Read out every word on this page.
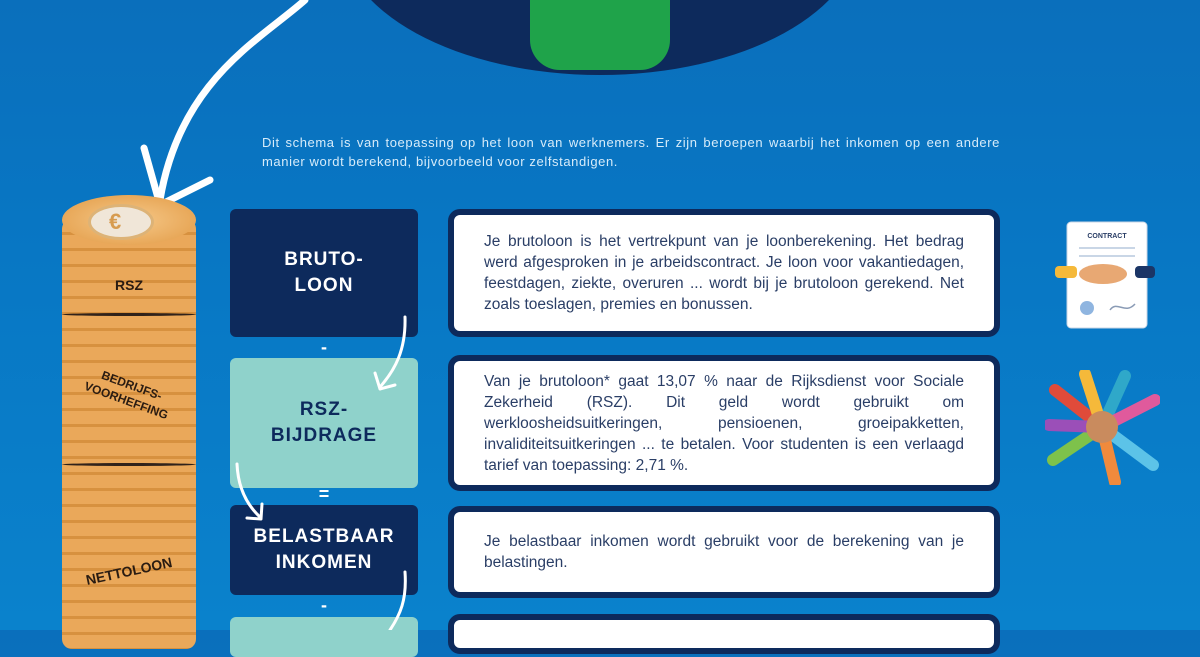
Dit schema is van toepassing op het loon van werknemers. Er zijn beroepen waarbij het inkomen op een andere manier wordt berekend, bijvoorbeeld voor zelfstandigen.
€
RSZ
BEDRIJFS-
VOORHEFFING
NETTOLOON
BRUTO-
LOON
-
Je brutoloon is het vertrekpunt van je loonberekening. Het bedrag werd afgesproken in je arbeidscontract. Je loon voor vakantiedagen, feestdagen, ziekte, overuren ... wordt bij je brutoloon gerekend. Net zoals toeslagen, premies en bonussen.
RSZ-
BIJDRAGE
=
Van je brutoloon* gaat 13,07 % naar de Rijksdienst voor Sociale Zekerheid (RSZ). Dit geld wordt gebruikt om werkloosheidsuitkeringen, pensioenen, groeipakketten, invaliditeitsuitkeringen ... te betalen. Voor studenten is een verlaagd tarief van toepassing: 2,71 %.
BELASTBAAR
INKOMEN
-
Je belastbaar inkomen wordt gebruikt voor de berekening van je belastingen.
CONTRACT
